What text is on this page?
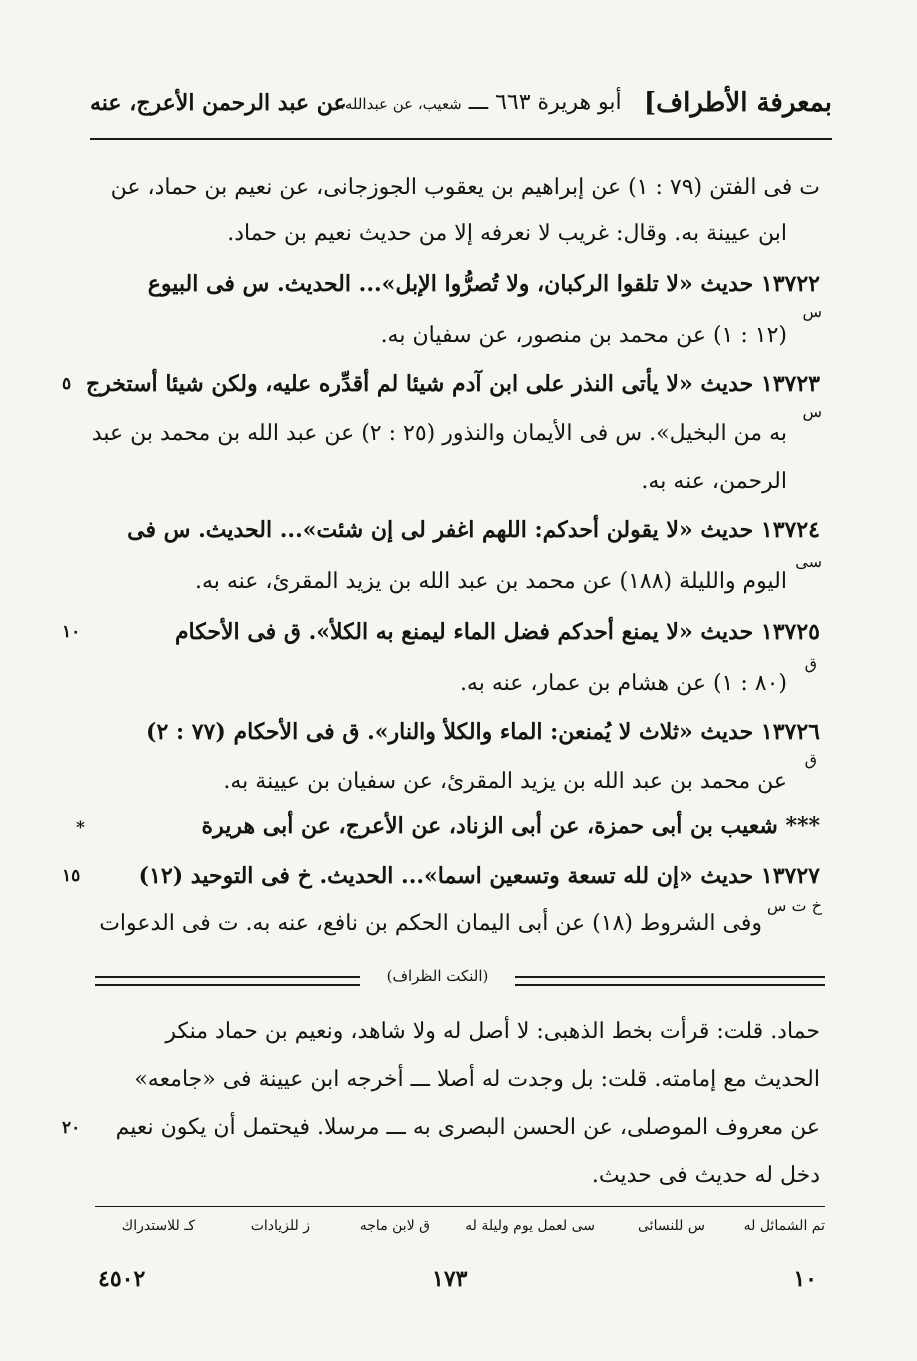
بمعرفة الأطراف]
أبو هريرة ٦٦٣ ـــ شعيب، عن عبدالله،
عن عبد الرحمن الأعرج، عنه
ت فى الفتن (٧٩ : ١) عن إبراهيم بن يعقوب الجوزجانى، عن نعيم بن حماد، عن
ابن عيينة به. وقال: غريب لا نعرفه إلا من حديث نعيم بن حماد.
١٣٧٢٢ حديث «لا تلقوا الركبان، ولا تُصرُّوا الإبل»... الحديث. س فى البيوع
(١٢ : ١) عن محمد بن منصور، عن سفيان به.
١٣٧٢٣ حديث «لا يأتى النذر على ابن آدم شيئا لم أقدِّره عليه، ولكن شيئا أستخرج
به من البخيل». س فى الأيمان والنذور (٢٥ : ٢) عن عبد الله بن محمد بن عبد
الرحمن، عنه به.
١٣٧٢٤ حديث «لا يقولن أحدكم: اللهم اغفر لى إن شئت»... الحديث. س فى
اليوم والليلة (١٨٨) عن محمد بن عبد الله بن يزيد المقرئ، عنه به.
١٣٧٢٥ حديث «لا يمنع أحدكم فضل الماء ليمنع به الكلأ». ق فى الأحكام
(٨٠ : ١) عن هشام بن عمار، عنه به.
١٣٧٢٦ حديث «ثلاث لا يُمنعن: الماء والكلأ والنار». ق فى الأحكام (٧٧ : ٢)
عن محمد بن عبد الله بن يزيد المقرئ، عن سفيان بن عيينة به.
*** شعيب بن أبى حمزة، عن أبى الزناد، عن الأعرج، عن أبى هريرة
١٣٧٢٧ حديث «إن لله تسعة وتسعين اسما»... الحديث. خ فى التوحيد (١٢)
وفى الشروط (١٨) عن أبى اليمان الحكم بن نافع، عنه به. ت فى الدعوات
٥
١٠
١٥
*
س
س
سى
ق
ق
خ ت س
(النكت الظراف)
حماد. قلت: قرأت بخط الذهبى: لا أصل له ولا شاهد، ونعيم بن حماد منكر
الحديث مع إمامته. قلت: بل وجدت له أصلا ـــ أخرجه ابن عيينة فى «جامعه»
عن معروف الموصلى، عن الحسن البصرى به ـــ مرسلا. فيحتمل أن يكون نعيم
دخل له حديث فى حديث.
٢٠
تم الشمائل له
س للنسائى
سى لعمل يوم وليلة له
ق لابن ماجه
ز للزيادات
كـ للاستدراك
٤٥٠٢	١٧٣	١٠
